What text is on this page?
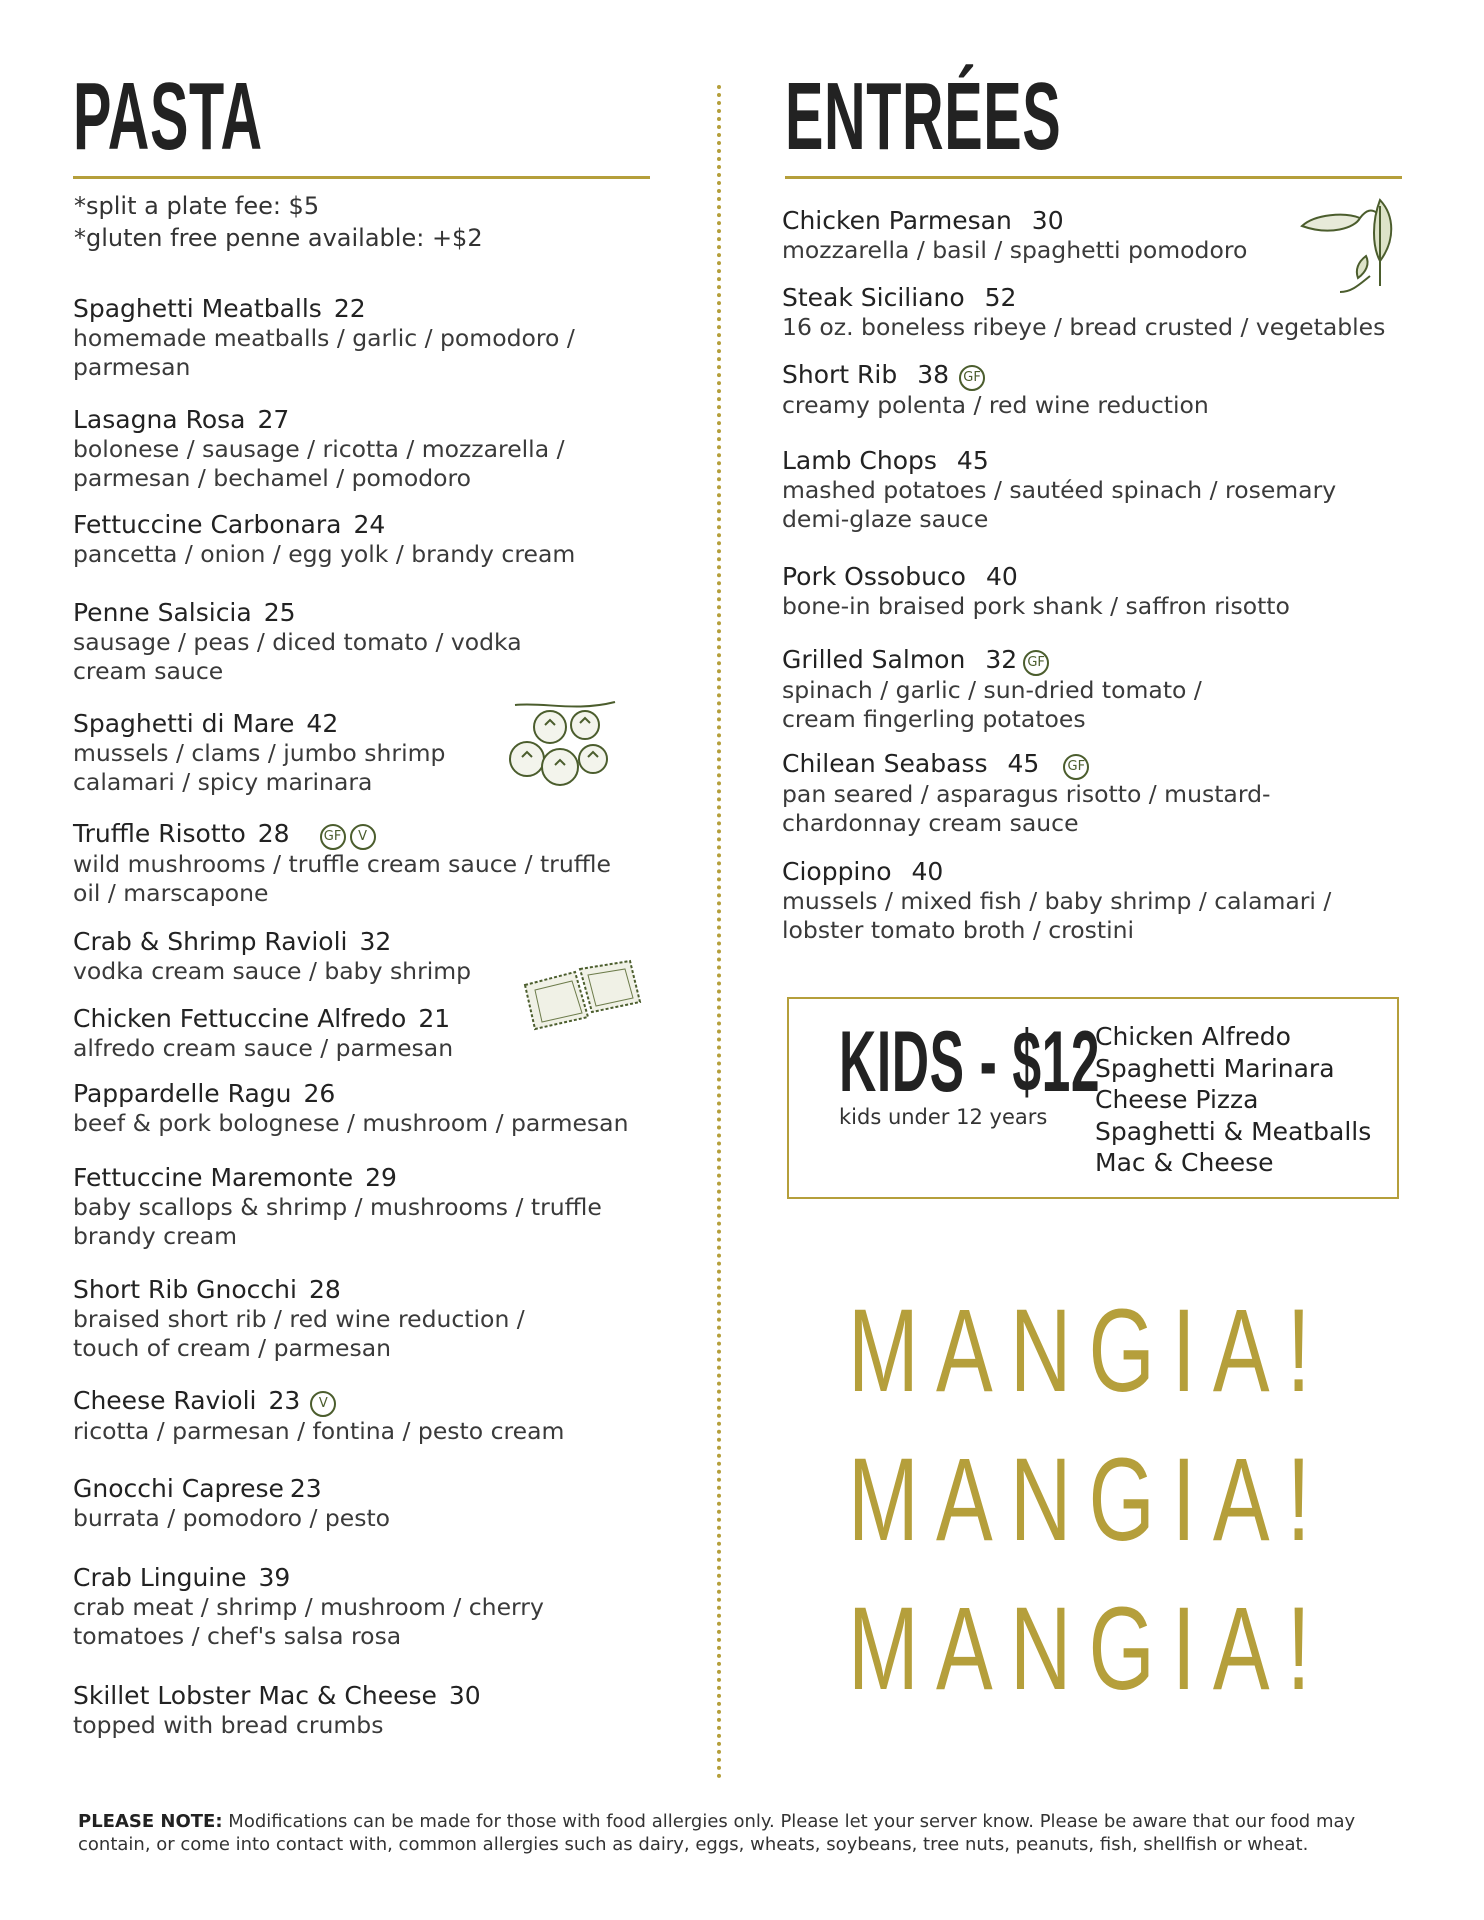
PASTA
*split a plate fee: $5
*gluten free penne available: +$2
ENTRÉES
Spaghetti Meatballs 22
homemade meatballs / garlic / pomodoro /
parmesan
Lasagna Rosa 27
bolonese / sausage / ricotta / mozzarella /
parmesan / bechamel / pomodoro
Fettuccine Carbonara 24
pancetta / onion / egg yolk / brandy cream
Penne Salsicia 25
sausage / peas / diced tomato / vodka
cream sauce
Spaghetti di Mare 42
mussels / clams / jumbo shrimp
calamari / spicy marinara
Truffle Risotto 28	GF V
wild mushrooms / truffle cream sauce / truffle
oil / marscapone
Crab & Shrimp Ravioli 32
vodka cream sauce / baby shrimp
Chicken Fettuccine Alfredo 21
alfredo cream sauce / parmesan
Pappardelle Ragu 26
beef & pork bolognese / mushroom / parmesan
Fettuccine Maremonte 29
baby scallops & shrimp / mushrooms / truffle
brandy cream
Short Rib Gnocchi 28
braised short rib / red wine reduction /
touch of cream / parmesan
Cheese Ravioli 23 V
ricotta / parmesan / fontina / pesto cream
Gnocchi Caprese 23
burrata / pomodoro / pesto
Crab Linguine 39
crab meat / shrimp / mushroom / cherry
tomatoes / chef's salsa rosa
Skillet Lobster Mac & Cheese 30
topped with bread crumbs
Chicken Parmesan 30
mozzarella / basil / spaghetti pomodoro
Steak Siciliano 52
16 oz. boneless ribeye / bread crusted / vegetables
Short Rib 38 GF
creamy polenta / red wine reduction
Lamb Chops 45
mashed potatoes / sautéed spinach / rosemary
demi-glaze sauce
Pork Ossobuco 40
bone-in braised pork shank / saffron risotto
Grilled Salmon 32 GF
spinach / garlic / sun-dried tomato /
cream fingerling potatoes
Chilean Seabass 45 GF
pan seared / asparagus risotto / mustard-
chardonnay cream sauce
Cioppino 40
mussels / mixed fish / baby shrimp / calamari /
lobster tomato broth / crostini
KIDS - $12
kids under 12 years
Chicken Alfredo
Spaghetti Marinara
Cheese Pizza
Spaghetti & Meatballs
Mac & Cheese
MANGIA!
MANGIA!
MANGIA!
PLEASE NOTE: Modifications can be made for those with food allergies only. Please let your server know. Please be aware that our food may contain, or come into contact with, common allergies such as dairy, eggs, wheats, soybeans, tree nuts, peanuts, fish, shellfish or wheat.
